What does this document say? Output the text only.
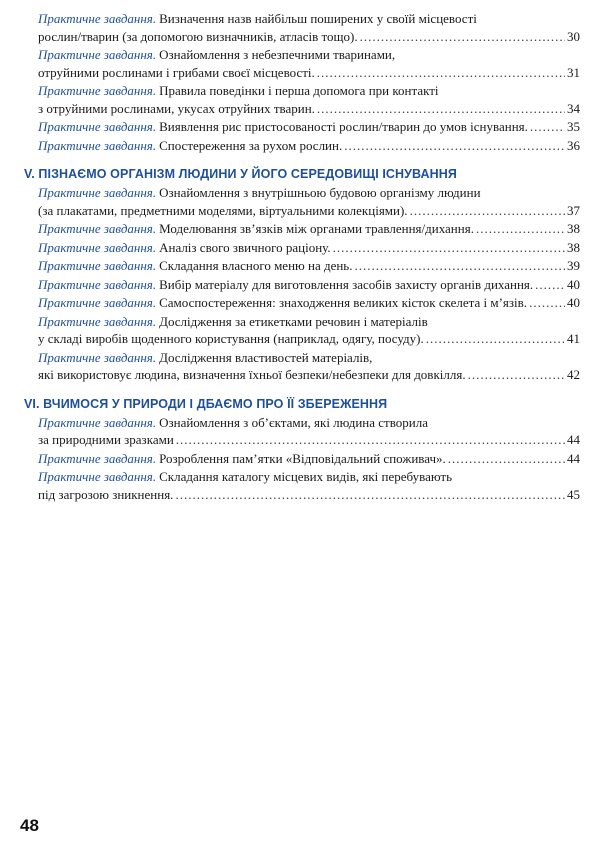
Практичне завдання. Визначення назв найбільш поширених у своїй місцевості
рослин/тварин (за допомогою визначників, атласів тощо). .....	30
Практичне завдання. Ознайомлення з небезпечними тваринами,
отруйними рослинами і грибами своєї місцевості. .....	31
Практичне завдання. Правила поведінки і перша допомога при контакті
з отруйними рослинами, укусах отруйних тварин. .....	34
Практичне завдання. Виявлення рис пристосованості рослин/тварин до умов існування. .....	35
Практичне завдання. Спостереження за рухом рослин. .....	36
V. ПІЗНАЄМО ОРГАНІЗМ ЛЮДИНИ У ЙОГО СЕРЕДОВИЩІ ІСНУВАННЯ
Практичне завдання. Ознайомлення з внутрішньою будовою організму людини
(за плакатами, предметними моделями, віртуальними колекціями). .....	37
Практичне завдання. Моделювання зв’язків між органами травлення/дихання. .....	38
Практичне завдання. Аналіз свого звичного раціону. .....	38
Практичне завдання. Складання власного меню на день. .....	39
Практичне завдання. Вибір матеріалу для виготовлення засобів захисту органів дихання. .....	40
Практичне завдання. Самоспостереження: знаходження великих кісток скелета і м’язів. .....	40
Практичне завдання. Дослідження за етикетками речовин і матеріалів
у складі виробів щоденного користування (наприклад, одягу, посуду). .....	41
Практичне завдання. Дослідження властивостей матеріалів,
які використовує людина, визначення їхньої безпеки/небезпеки для довкілля. .....	42
VI. ВЧИМОСЯ У ПРИРОДИ І ДБАЄМО ПРО ЇЇ ЗБЕРЕЖЕННЯ
Практичне завдання. Ознайомлення з об’єктами, які людина створила
за природними зразками .....	44
Практичне завдання. Розроблення пам’ятки «Відповідальний споживач». .....	44
Практичне завдання. Складання каталогу місцевих видів, які перебувають
під загрозою зникнення. .....	45
48
